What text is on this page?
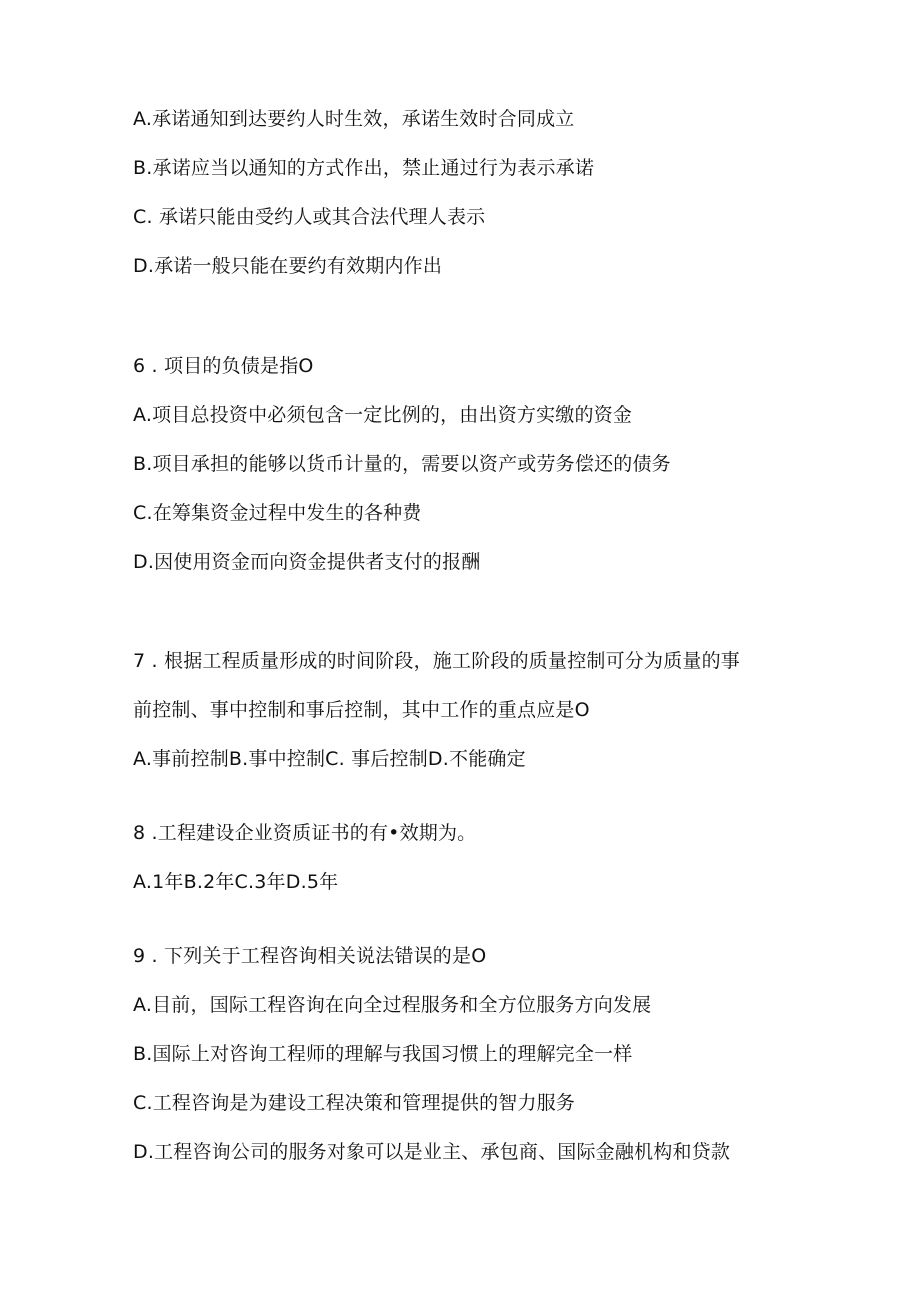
A.承诺通知到达要约人时生效，承诺生效时合同成立
B.承诺应当以通知的方式作出，禁止通过行为表示承诺
C. 承诺只能由受约人或其合法代理人表示
D.承诺一般只能在要约有效期内作出
6 . 项目的负债是指O
A.项目总投资中必须包含一定比例的，由出资方实缴的资金
B.项目承担的能够以货币计量的，需要以资产或劳务偿还的债务
C.在筹集资金过程中发生的各种费
D.因使用资金而向资金提供者支付的报酬
7 . 根据工程质量形成的时间阶段，施工阶段的质量控制可分为质量的事
前控制、事中控制和事后控制，其中工作的重点应是O
A.事前控制B.事中控制C. 事后控制D.不能确定
8 .工程建设企业资质证书的有•效期为。
A.1年B.2年C.3年D.5年
9 . 下列关于工程咨询相关说法错误的是O
A.目前，国际工程咨询在向全过程服务和全方位服务方向发展
B.国际上对咨询工程师的理解与我国习惯上的理解完全一样
C.工程咨询是为建设工程决策和管理提供的智力服务
D.工程咨询公司的服务对象可以是业主、承包商、国际金融机构和贷款
